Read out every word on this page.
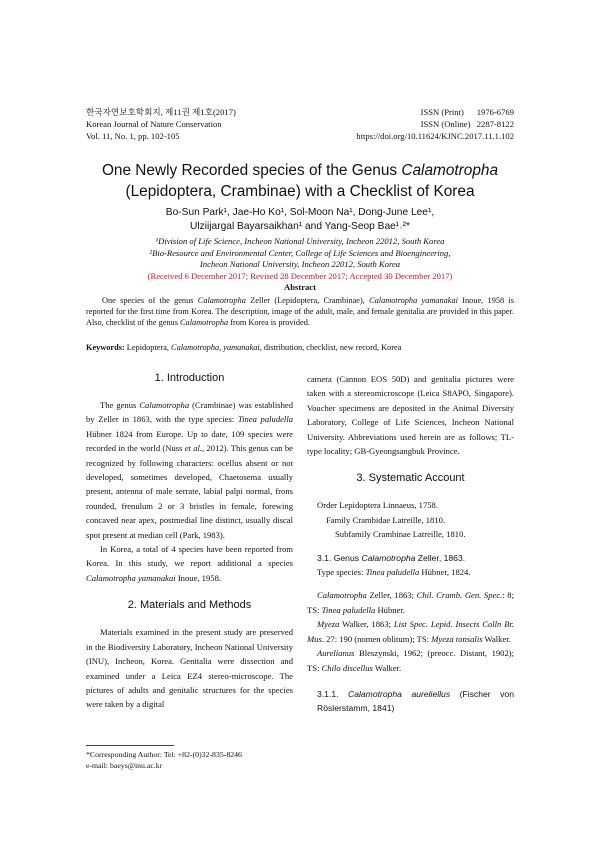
한국자연보호학회지, 제11권 제1호(2017)
Korean Journal of Nature Conservation
Vol. 11, No. 1, pp. 102-105
ISSN (Print) 1976-6769
ISSN (Online) 2287-8122
https://doi.org/10.11624/KJNC.2017.11.1.102
One Newly Recorded species of the Genus Calamotropha
(Lepidoptera, Crambinae) with a Checklist of Korea
Bo-Sun Park¹, Jae-Ho Ko¹, Sol-Moon Na¹, Dong-June Lee¹,
Ulziijargal Bayarsaikhan¹ and Yang-Seop Bae¹˒²*
¹Division of Life Science, Incheon National University, Incheon 22012, South Korea
²Bio-Resource and Environmental Center, College of Life Sciences and Bioengineering,
Incheon National University, Incheon 22012, South Korea
(Received 6 December 2017; Revised 28 December 2017; Accepted 30 December 2017)
Abstract
One species of the genus Calamotropha Zeller (Lepidoptera, Crambinae), Calamotropha yamanakai Inoue, 1958 is reported for the first time from Korea. The description, image of the adult, male, and female genitalia are provided in this paper. Also, checklist of the genus Calamotropha from Korea is provided.
Keywords: Lepidoptera, Calamotropha, yamanakai, distribution, checklist, new record, Korea

1. Introduction

The genus Calamotropha (Crambinae) was established by Zeller in 1863, with the type species: Tinea paludella Hübner 1824 from Europe. Up to date, 109 species were recorded in the world (Nuss et al., 2012). This genus can be recognized by following characters: ocellus absent or not developed, sometimes developed, Chaetosema usually present, antenna of male serrate, labial palpi normal, frons rounded, frenulum 2 or 3 bristles in female, forewing concaved near apex, postmedial line distinct, usually discal spot present at median cell (Park, 1983).

In Korea, a total of 4 species have been reported from Korea. In this study, we report additional a species Calamotropha yamanakai Inoue, 1958.

2. Materials and Methods

Materials examined in the present study are preserved in the Biodiversity Laboratory, Incheon National University (INU), Incheon, Korea. Genitalia were dissection and examined under a Leica EZ4 stereo-microscope. The pictures of adults and genitalic structures for the species were taken by a digital

camera (Cannon EOS 50D) and genitalia pictures were taken with a stereomicroscope (Leica S8APO, Singapore). Voucher specimens are deposited in the Animal Diversity Laboratory, College of Life Sciences, Incheon National University. Abbreviations used herein are as follows; TL-type locality; GB-Gyeongsangbuk Province.

3. Systematic Account

Order Lepidoptera Linnaeus, 1758.

Family Crambidae Latreille, 1810.

Subfamily Crambinae Latreille, 1810.

3.1. Genus Calamotropha Zeller, 1863.

Type species: Tinea paludella Hübner, 1824.

Calamotropha Zeller, 1863; Chil. Cramb. Gen. Spec.: 8; TS: Tinea paludella Hübner.

Myeza Walker, 1863; List Spec. Lepid. Insects Colln Br. Mus. 27: 190 (nomen oblitum); TS: Myeza tonsalis Walker.

Aurelianus Bleszynski, 1962; (preocc. Distant, 1902); TS: Chilo discellus Walker.

3.1.1. Calamotropha aureliellus (Fischer von Röslerstamm, 1841)

*Corresponding Author: Tel: +82-(0)32-835-8246
e-mail: baeys@inu.ac.kr
